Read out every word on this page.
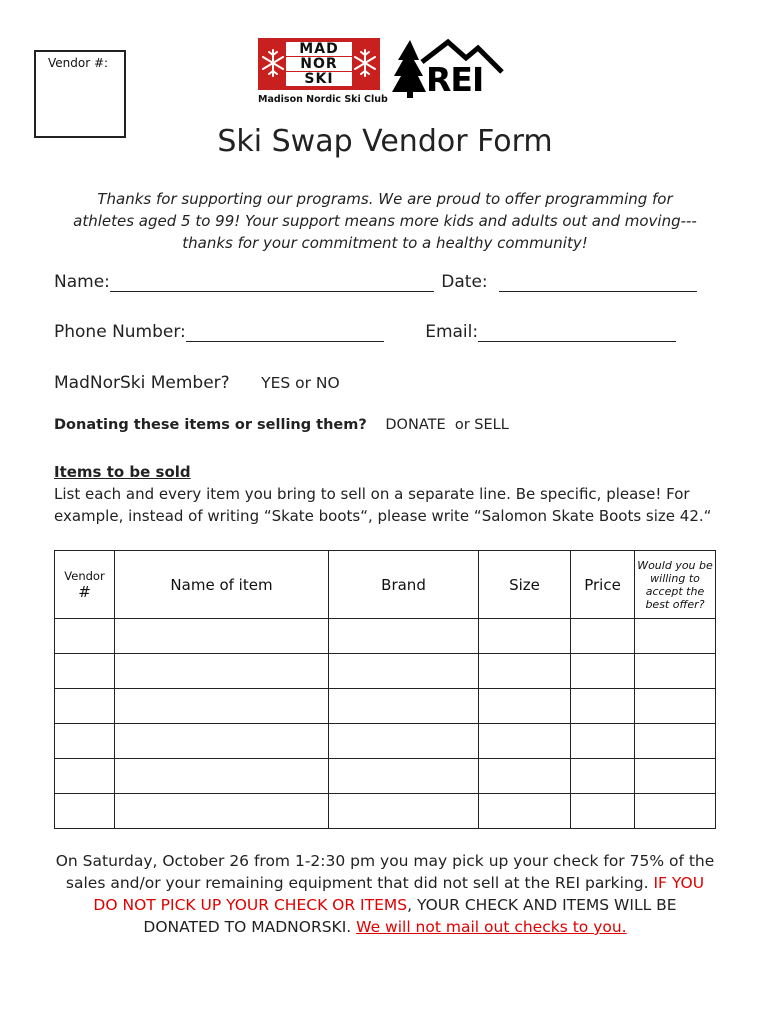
Vendor #:
MAD
NOR
SKI
Madison Nordic Ski Club
REI
Ski Swap Vendor Form
Thanks for supporting our programs. We are proud to offer programming for athletes aged 5 to 99! Your support means more kids and adults out and moving---thanks for your commitment to a healthy community!
Name:	Date:
Phone Number:	Email:
MadNorSki Member? YES or NO
Donating these items or selling them? DONATE  or SELL
Items to be sold
List each and every item you bring to sell on a separate line. Be specific, please! For example, instead of writing “Skate boots“, please write “Salomon Skate Boots size 42.“
Vendor
#	Name of item	Brand	Size	Price	Would you be willing to accept the best offer?

On Saturday, October 26 from 1-2:30 pm you may pick up your check for 75% of the sales and/or your remaining equipment that did not sell at the REI parking. IF YOU DO NOT PICK UP YOUR CHECK OR ITEMS, YOUR CHECK AND ITEMS WILL BE DONATED TO MADNORSKI. We will not mail out checks to you.
